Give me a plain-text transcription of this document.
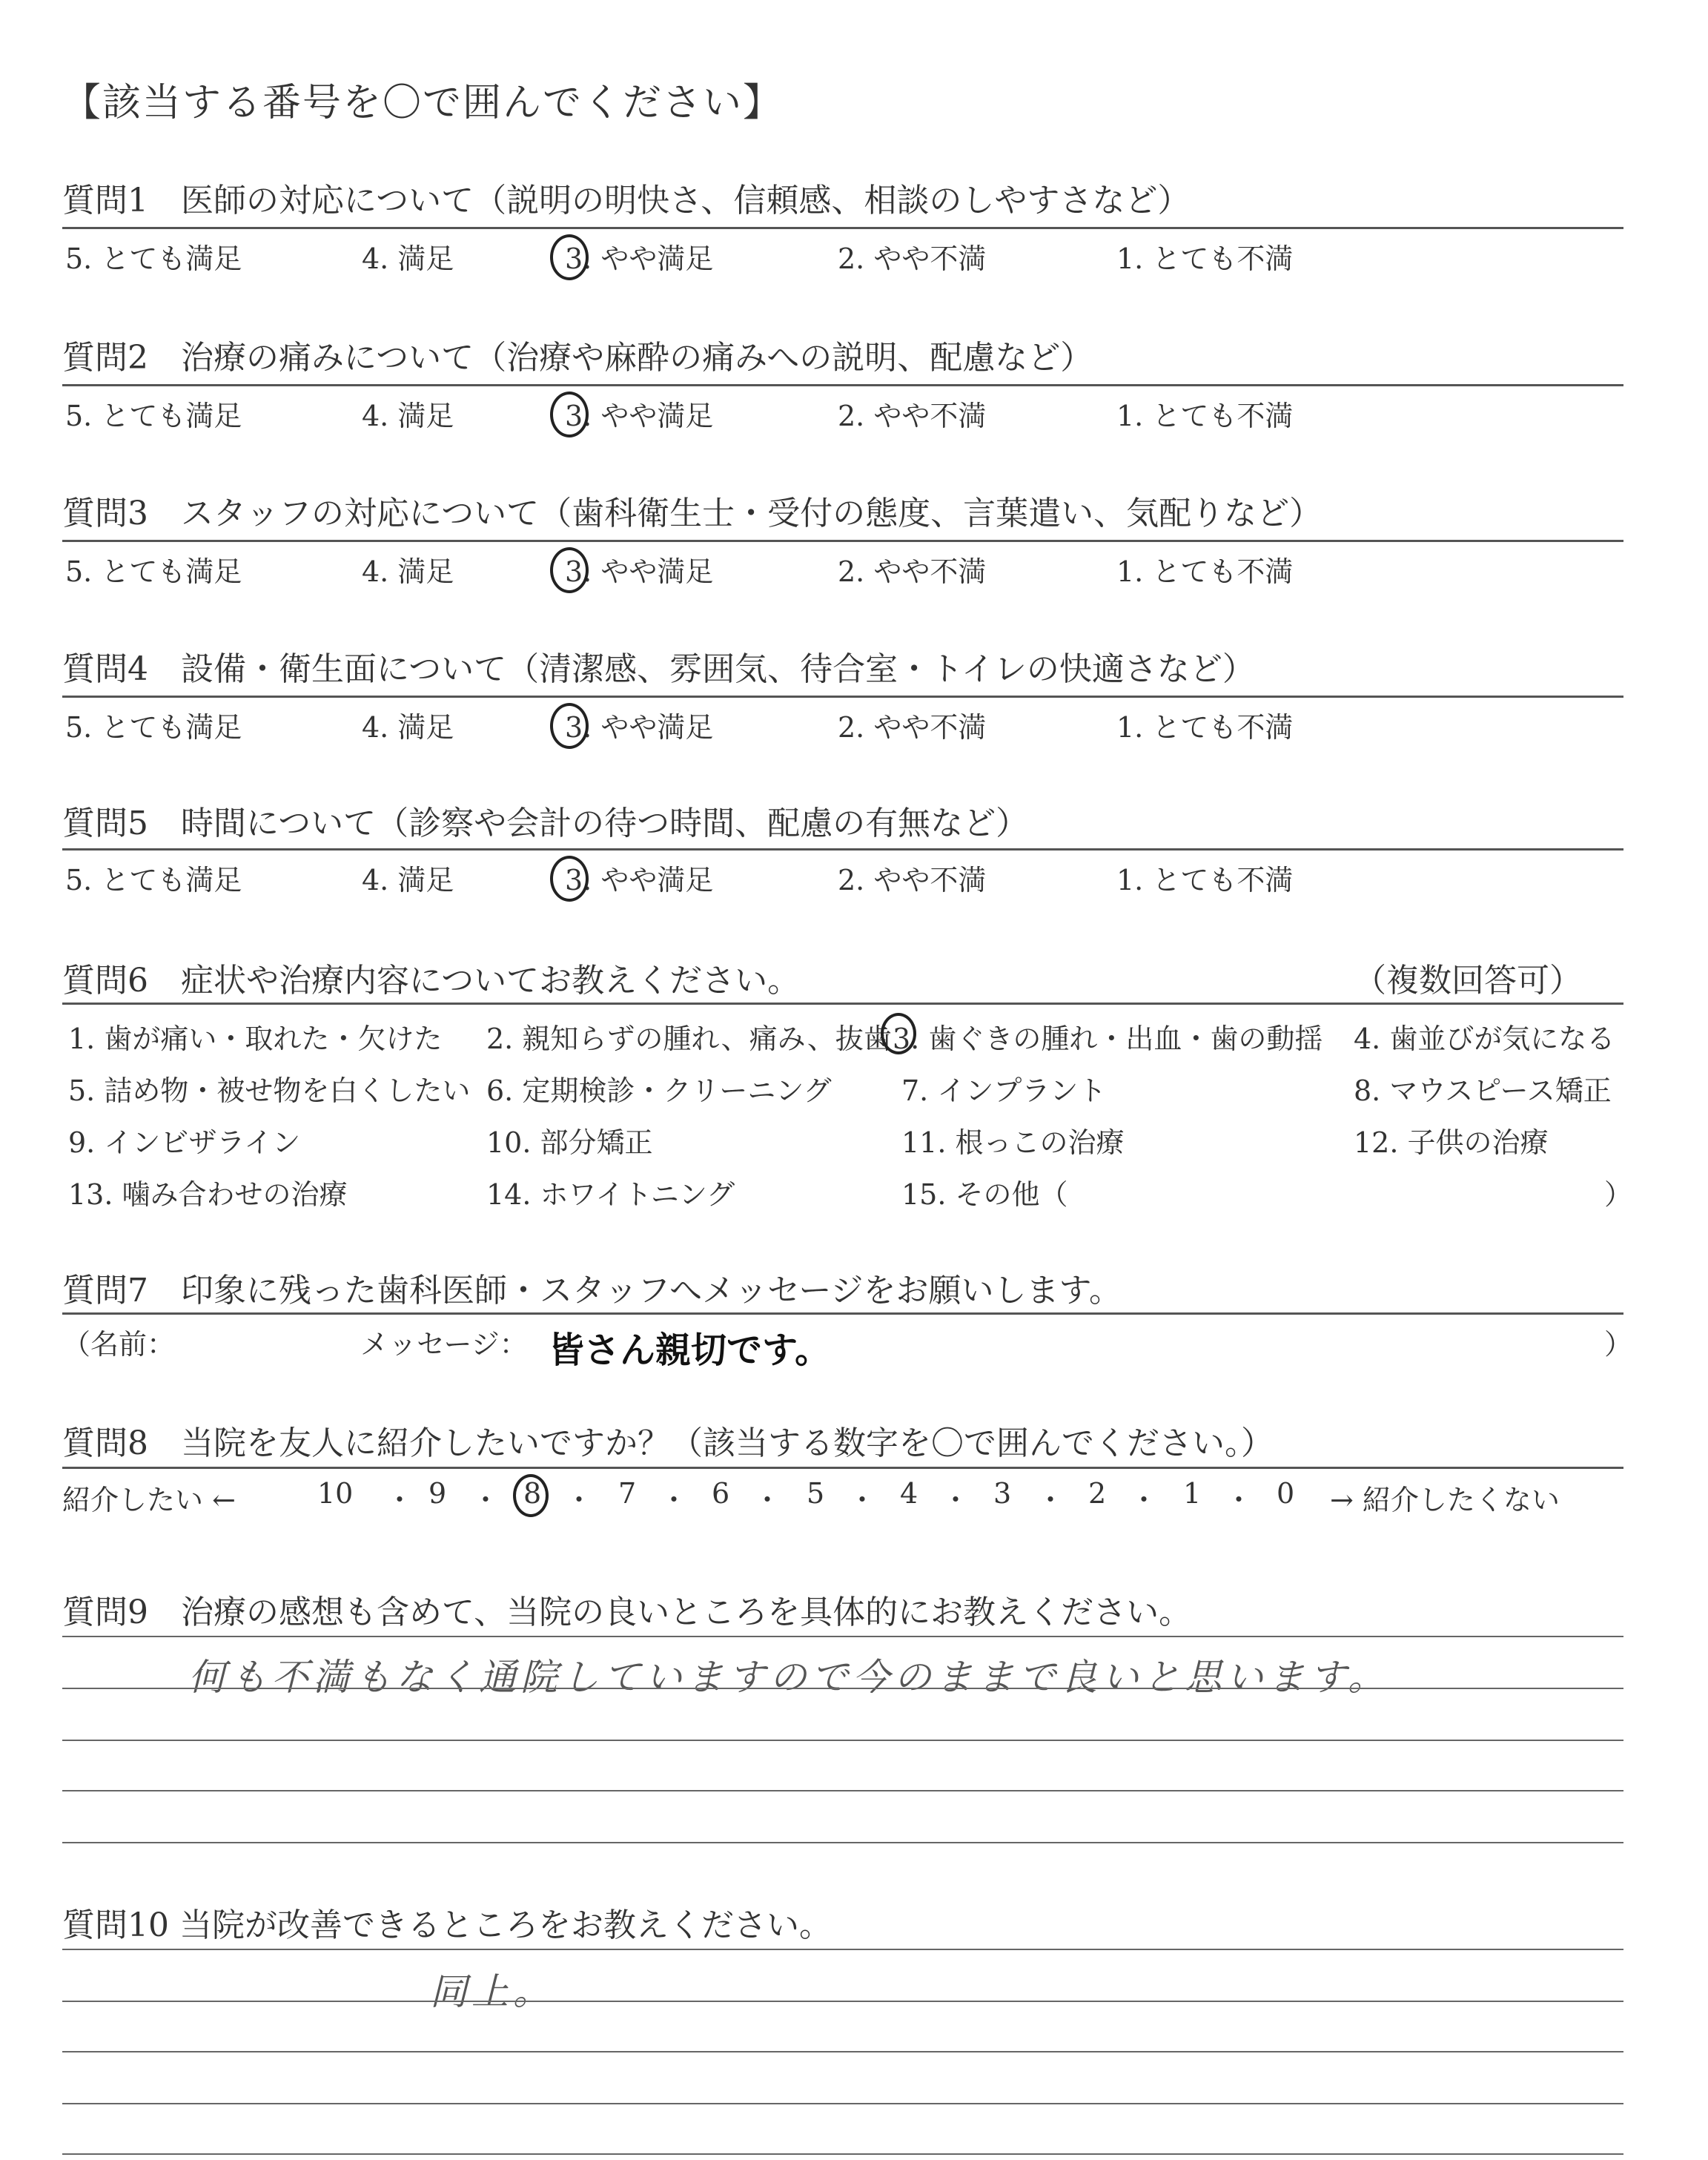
【該当する番号を〇で囲んでください】
質問1　医師の対応について（説明の明快さ、信頼感、相談のしやすさなど）
5. とても満足	4. 満足	3. やや満足	2. やや不満	1. とても不満
質問2　治療の痛みについて（治療や麻酔の痛みへの説明、配慮など）
5. とても満足	4. 満足	3. やや満足	2. やや不満	1. とても不満
質問3　スタッフの対応について（歯科衛生士・受付の態度、言葉遣い、気配りなど）
5. とても満足	4. 満足	3. やや満足	2. やや不満	1. とても不満
質問4　設備・衛生面について（清潔感、雰囲気、待合室・トイレの快適さなど）
5. とても満足	4. 満足	3. やや満足	2. やや不満	1. とても不満
質問5　時間について（診察や会計の待つ時間、配慮の有無など）
5. とても満足	4. 満足	3. やや満足	2. やや不満	1. とても不満
質問6　症状や治療内容についてお教えください。	（複数回答可）
1. 歯が痛い・取れた・欠けた 2. 親知らずの腫れ、痛み、抜歯 3. 歯ぐきの腫れ・出血・歯の動揺 4. 歯並びが気になる
5. 詰め物・被せ物を白くしたい 6. 定期検診・クリーニング 7. インプラント	8. マウスピース矯正
9. インビザライン	10. 部分矯正	11. 根っこの治療	12. 子供の治療
13. 噛み合わせの治療	14. ホワイトニング	15. その他（	）
質問7　印象に残った歯科医師・スタッフへメッセージをお願いします。
（名前：	メッセージ： 皆さん親切です。	）
質問8　当院を友人に紹介したいですか？（該当する数字を〇で囲んでください。）
紹介したい ←	→ 紹介したくない
10 ・ 9 ・ 8 ・ 7 ・ 6 ・ 5 ・ 4 ・ 3 ・ 2 ・ 1 ・ 0
質問9　治療の感想も含めて、当院の良いところを具体的にお教えください。
何も不満もなく通院していますので今のままで良いと思います。
質問10 当院が改善できるところをお教えください。
同上。
